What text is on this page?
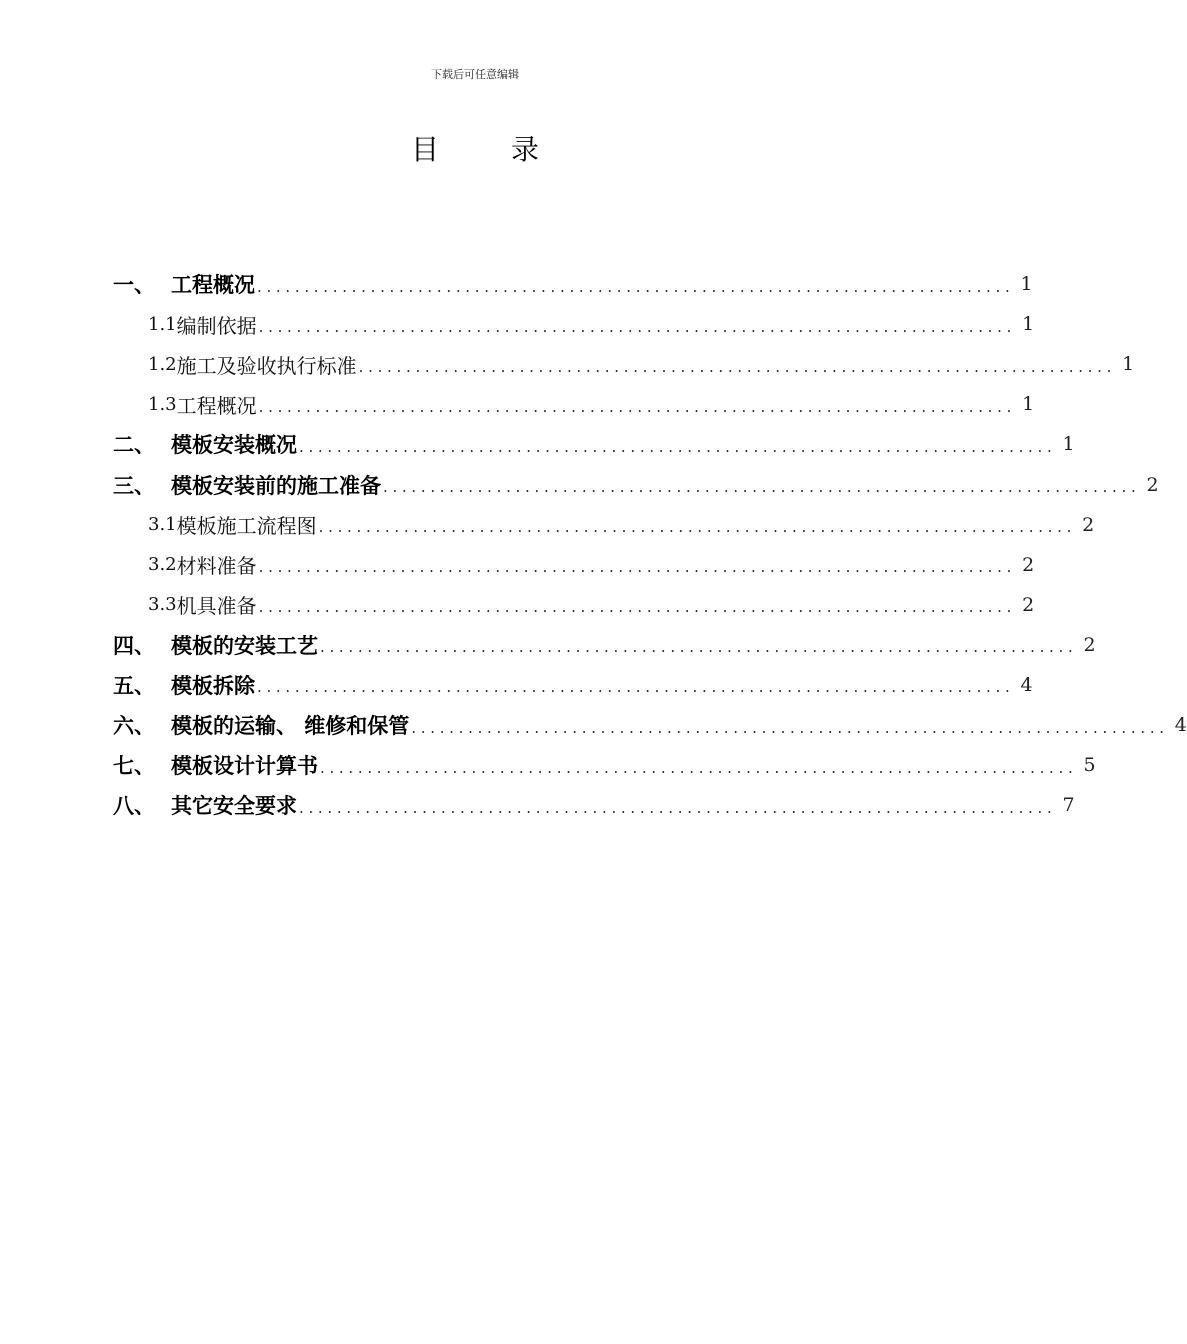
下载后可任意编辑
目	录
一、 工程概况 ................................................................................ 1
1.1 编制依据 ................................................................................ 1
1.2 施工及验收执行标准 ................................................................................ 1
1.3 工程概况 ................................................................................ 1
二、 模板安装概况 ................................................................................ 1
三、 模板安装前的施工准备 ................................................................................ 2
3.1 模板施工流程图 ................................................................................ 2
3.2 材料准备 ................................................................................ 2
3.3 机具准备 ................................................................................ 2
四、 模板的安装工艺 ................................................................................ 2
五、 模板拆除 ................................................................................ 4
六、 模板的运输、 维修和保管 ................................................................................ 4
七、 模板设计计算书 ................................................................................ 5
八、 其它安全要求 ................................................................................ 7
